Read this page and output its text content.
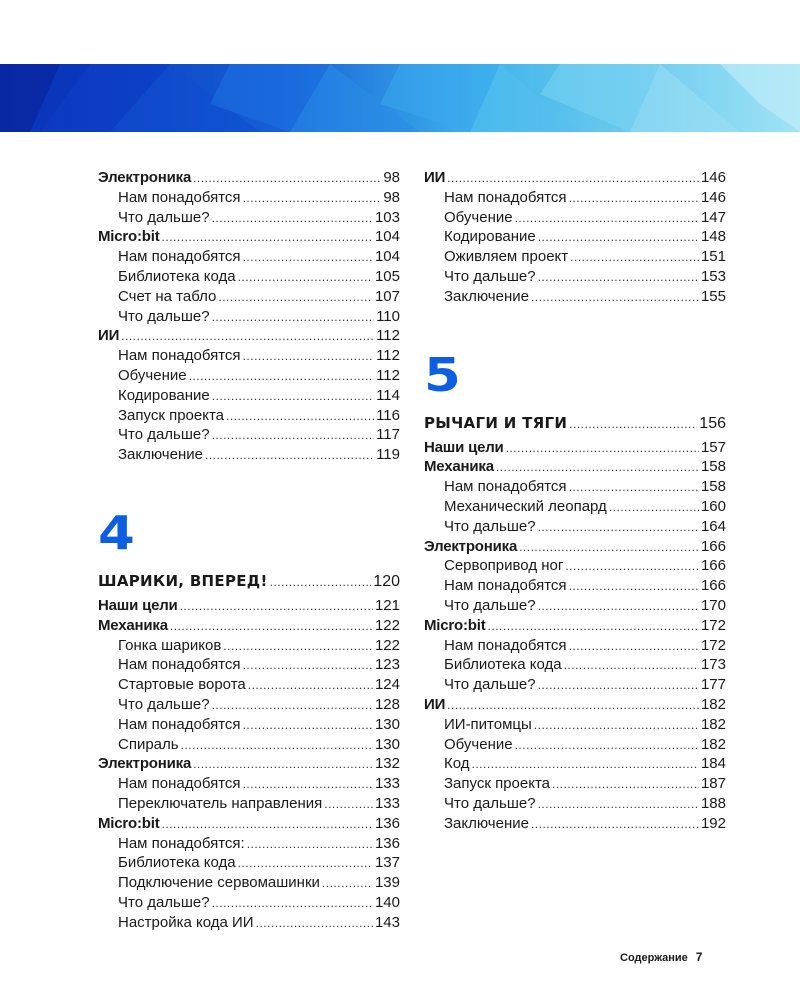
Электроника .....	98
Нам понадобятся .....	98
Что дальше? .....	103
Micro:bit .....	104
Нам понадобятся .....	104
Библиотека кода .....	105
Счет на табло .....	107
Что дальше? .....	110
ИИ .....	112
Нам понадобятся .....	112
Обучение .....	112
Кодирование .....	114
Запуск проекта .....	116
Что дальше? .....	117
Заключение .....	119
4
ШАРИКИ, ВПЕРЕД! .....	120
Наши цели .....	121
Механика .....	122
Гонка шариков .....	122
Нам понадобятся .....	123
Стартовые ворота .....	124
Что дальше? .....	128
Нам понадобятся .....	130
Спираль .....	130
Электроника .....	132
Нам понадобятся .....	133
Переключатель направления .....	133
Micro:bit .....	136
Нам понадобятся: .....	136
Библиотека кода .....	137
Подключение сервомашинки .....	139
Что дальше? .....	140
Настройка кода ИИ .....	143
ИИ .....	146
Нам понадобятся .....	146
Обучение .....	147
Кодирование .....	148
Оживляем проект .....	151
Что дальше? .....	153
Заключение .....	155
5
РЫЧАГИ И ТЯГИ .....	156
Наши цели .....	157
Механика .....	158
Нам понадобятся .....	158
Механический леопард .....	160
Что дальше? .....	164
Электроника .....	166
Сервопривод ног .....	166
Нам понадобятся .....	166
Что дальше? .....	170
Micro:bit .....	172
Нам понадобятся .....	172
Библиотека кода .....	173
Что дальше? .....	177
ИИ .....	182
ИИ-питомцы .....	182
Обучение .....	182
Код .....	184
Запуск проекта .....	187
Что дальше? .....	188
Заключение .....	192
Содержание 7
